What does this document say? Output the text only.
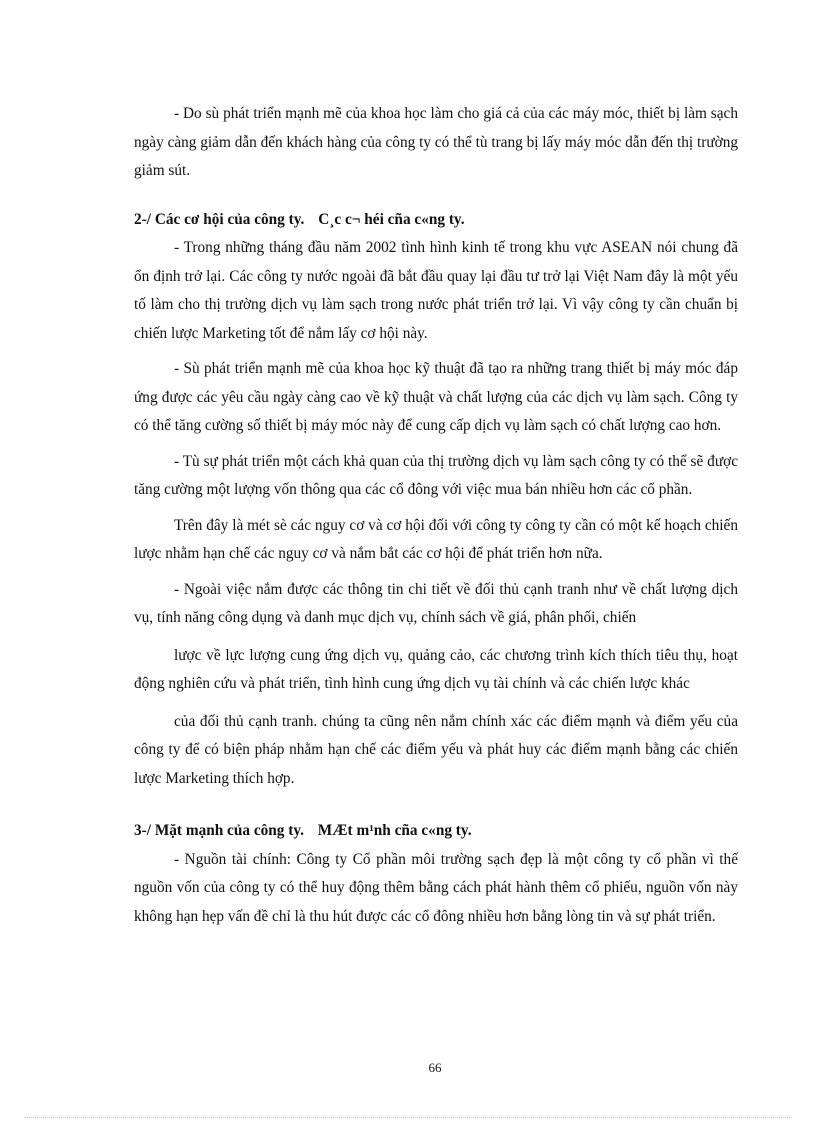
- Do sù phát triển mạnh mẽ của khoa học làm cho giá cả của các máy móc, thiết bị làm sạch ngày càng giảm dẫn đến khách hàng của công ty có thể tù trang bị lấy máy móc dẫn đến thị trường giảm sút.

2-/ Các cơ hội của công ty. C¸c c¬ héi cña c«ng ty.

- Trong những tháng đầu năm 2002 tình hình kinh tế trong khu vực ASEAN nói chung đã ổn định trở lại. Các công ty nước ngoài đã bắt đầu quay lại đầu tư trở lại Việt Nam đây là một yếu tố làm cho thị trường dịch vụ làm sạch trong nước phát triển trở lại. Vì vậy công ty cần chuẩn bị chiến lược Marketing tốt để nắm lấy cơ hội này.

- Sù phát triển mạnh mẽ của khoa học kỹ thuật đã tạo ra những trang thiết bị máy móc đáp ứng được các yêu cầu ngày càng cao về kỹ thuật và chất lượng của các dịch vụ làm sạch. Công ty có thể tăng cường số thiết bị máy móc này để cung cấp dịch vụ làm sạch có chất lượng cao hơn.

- Tù sự phát triển một cách khả quan của thị trường dịch vụ làm sạch công ty có thể sẽ được tăng cường một lượng vốn thông qua các cổ đông với việc mua bán nhiều hơn các cổ phần.

Trên đây là mét sè các nguy cơ và cơ hội đối với công ty công ty cần có một kế hoạch chiến lược nhằm hạn chế các nguy cơ và nắm bắt các cơ hội để phát triển hơn nữa.

- Ngoài việc nắm được các thông tin chi tiết về đối thủ cạnh tranh như về chất lượng dịch vụ, tính năng công dụng và danh mục dịch vụ, chính sách về giá, phân phối, chiến

lược về lực lượng cung ứng dịch vụ, quảng cảo, các chương trình kích thích tiêu thụ, hoạt động nghiên cứu và phát triển, tình hình cung ứng dịch vụ tài chính và các chiến lược khác

của đối thủ cạnh tranh. chúng ta cũng nên nắm chính xác các điểm mạnh và điểm yếu của công ty để có biện pháp nhằm hạn chế các điểm yếu và phát huy các điểm mạnh bằng các chiến lược Marketing thích hợp.

3-/ Mặt mạnh của công ty. MÆt m¹nh cña c«ng ty.

- Nguồn tài chính: Công ty Cổ phần môi trường sạch đẹp là một công ty cổ phần vì thế nguồn vốn của công ty có thể huy động thêm bằng cách phát hành thêm cổ phiếu, nguồn vốn này không hạn hẹp vấn đề chỉ là thu hút được các cổ đông nhiều hơn bằng lòng tin và sự phát triển.

66
